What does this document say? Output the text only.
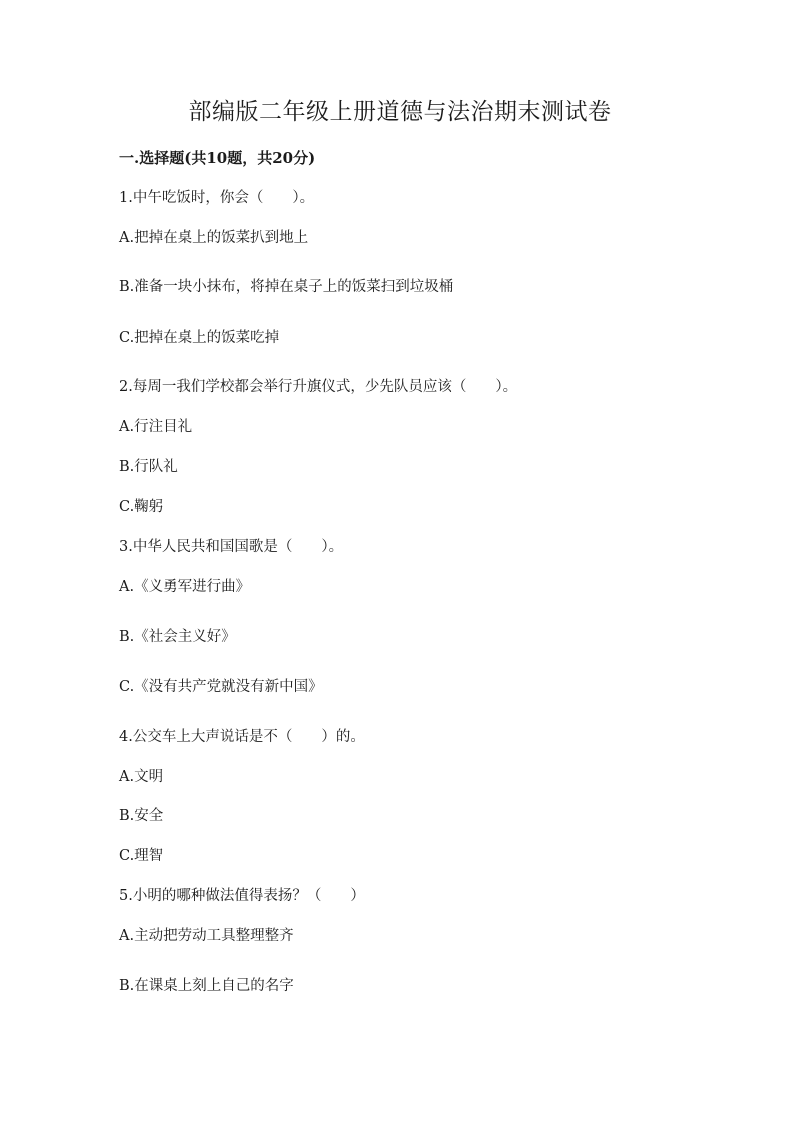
部编版二年级上册道德与法治期末测试卷
一.选择题(共10题，共20分)
1.中午吃饭时，你会（　　）。
A.把掉在桌上的饭菜扒到地上
B.准备一块小抹布，将掉在桌子上的饭菜扫到垃圾桶
C.把掉在桌上的饭菜吃掉
2.每周一我们学校都会举行升旗仪式，少先队员应该（　　）。
A.行注目礼
B.行队礼
C.鞠躬
3.中华人民共和国国歌是（　　）。
A.《义勇军进行曲》
B.《社会主义好》
C.《没有共产党就没有新中国》
4.公交车上大声说话是不（　　）的。
A.文明
B.安全
C.理智
5.小明的哪种做法值得表扬？（　　）
A.主动把劳动工具整理整齐
B.在课桌上刻上自己的名字
